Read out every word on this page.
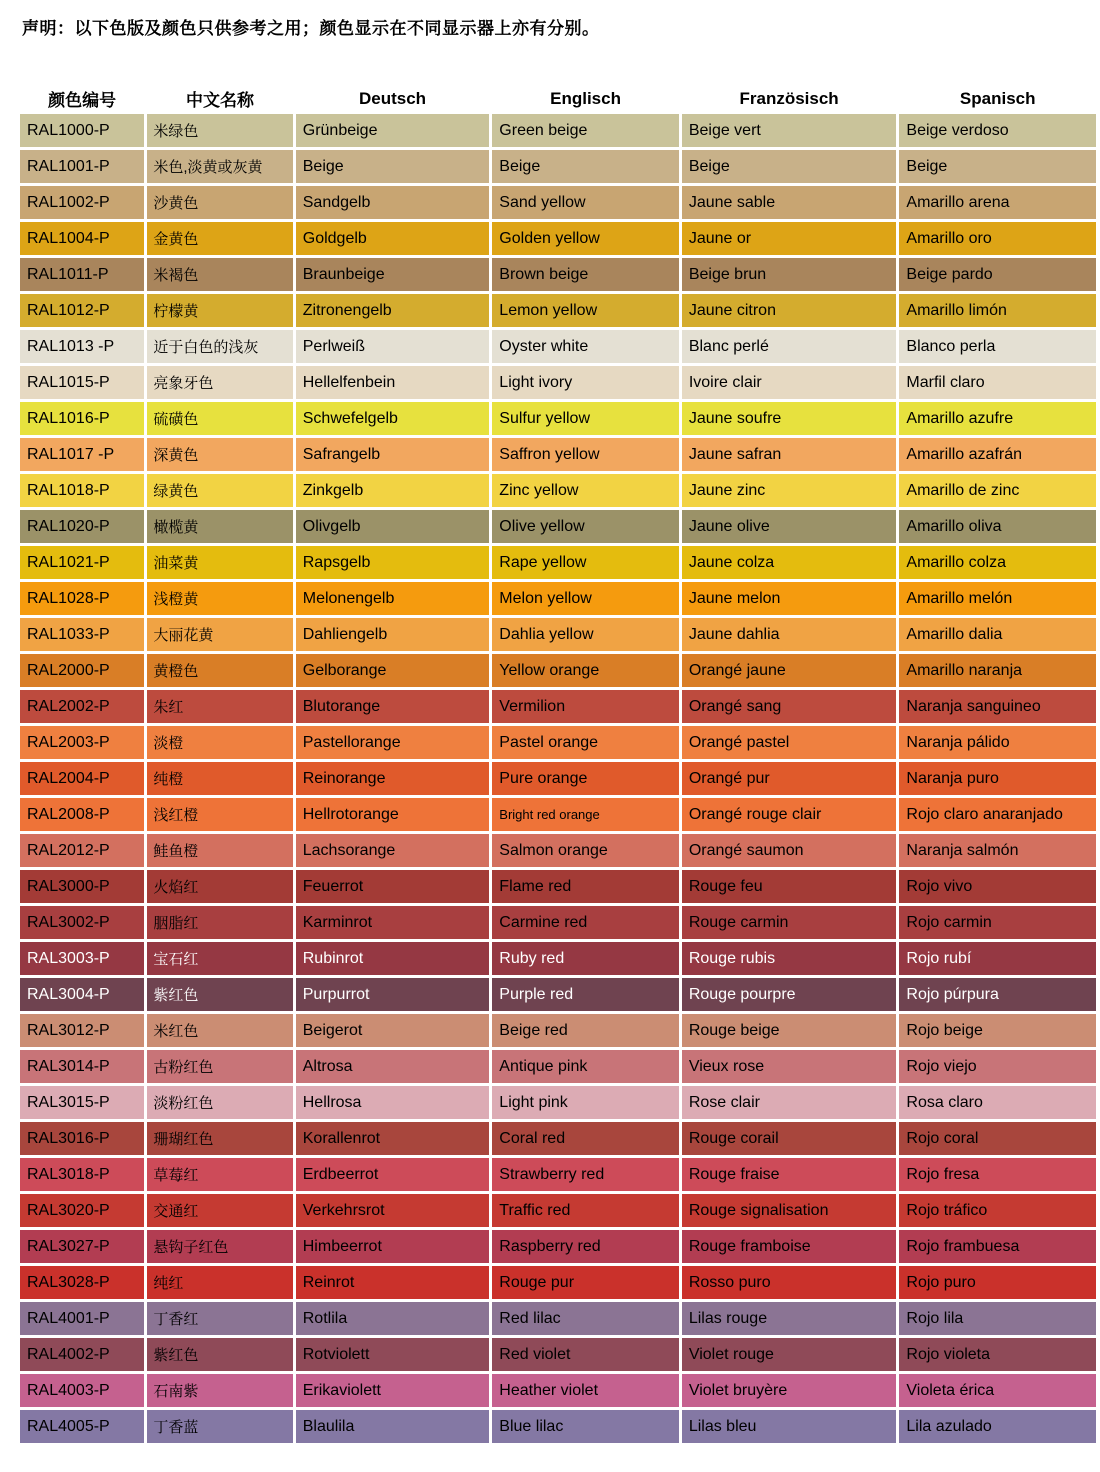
声明：以下色版及颜色只供参考之用；颜色显示在不同显示器上亦有分别。

颜色编号	中文名称	Deutsch	Englisch	Französisch	Spanisch
RAL1000-P	米绿色	Grünbeige	Green beige	Beige vert	Beige verdoso
RAL1001-P	米色,淡黄或灰黄	Beige	Beige	Beige	Beige
RAL1002-P	沙黄色	Sandgelb	Sand yellow	Jaune sable	Amarillo arena
RAL1004-P	金黄色	Goldgelb	Golden yellow	Jaune or	Amarillo oro
RAL1011-P	米褐色	Braunbeige	Brown beige	Beige brun	Beige pardo
RAL1012-P	柠檬黄	Zitronengelb	Lemon yellow	Jaune citron	Amarillo limón
RAL1013 -P	近于白色的浅灰	Perlweiß	Oyster white	Blanc perlé	Blanco perla
RAL1015-P	亮象牙色	Hellelfenbein	Light ivory	Ivoire clair	Marfil claro
RAL1016-P	硫磺色	Schwefelgelb	Sulfur yellow	Jaune soufre	Amarillo azufre
RAL1017 -P	深黄色	Safrangelb	Saffron yellow	Jaune safran	Amarillo azafrán
RAL1018-P	绿黄色	Zinkgelb	Zinc yellow	Jaune zinc	Amarillo de zinc
RAL1020-P	橄榄黄	Olivgelb	Olive yellow	Jaune olive	Amarillo oliva
RAL1021-P	油菜黄	Rapsgelb	Rape yellow	Jaune colza	Amarillo colza
RAL1028-P	浅橙黄	Melonengelb	Melon yellow	Jaune melon	Amarillo melón
RAL1033-P	大丽花黄	Dahliengelb	Dahlia yellow	Jaune dahlia	Amarillo dalia
RAL2000-P	黄橙色	Gelborange	Yellow orange	Orangé jaune	Amarillo naranja
RAL2002-P	朱红	Blutorange	Vermilion	Orangé sang	Naranja sanguineo
RAL2003-P	淡橙	Pastellorange	Pastel orange	Orangé pastel	Naranja pálido
RAL2004-P	纯橙	Reinorange	Pure orange	Orangé pur	Naranja puro
RAL2008-P	浅红橙	Hellrotorange	Bright red orange	Orangé rouge clair	Rojo claro anaranjado
RAL2012-P	鲑鱼橙	Lachsorange	Salmon orange	Orangé saumon	Naranja salmón
RAL3000-P	火焰红	Feuerrot	Flame red	Rouge feu	Rojo vivo
RAL3002-P	胭脂红	Karminrot	Carmine red	Rouge carmin	Rojo carmin
RAL3003-P	宝石红	Rubinrot	Ruby red	Rouge rubis	Rojo rubí
RAL3004-P	紫红色	Purpurrot	Purple red	Rouge pourpre	Rojo púrpura
RAL3012-P	米红色	Beigerot	Beige red	Rouge beige	Rojo beige
RAL3014-P	古粉红色	Altrosa	Antique pink	Vieux rose	Rojo viejo
RAL3015-P	淡粉红色	Hellrosa	Light pink	Rose clair	Rosa claro
RAL3016-P	珊瑚红色	Korallenrot	Coral red	Rouge corail	Rojo coral
RAL3018-P	草莓红	Erdbeerrot	Strawberry red	Rouge fraise	Rojo fresa
RAL3020-P	交通红	Verkehrsrot	Traffic red	Rouge signalisation	Rojo tráfico
RAL3027-P	悬钩子红色	Himbeerrot	Raspberry red	Rouge framboise	Rojo frambuesa
RAL3028-P	纯红	Reinrot	Rouge pur	Rosso puro	Rojo puro
RAL4001-P	丁香红	Rotlila	Red lilac	Lilas rouge	Rojo lila
RAL4002-P	紫红色	Rotviolett	Red violet	Violet rouge	Rojo violeta
RAL4003-P	石南紫	Erikaviolett	Heather violet	Violet bruyère	Violeta érica
RAL4005-P	丁香蓝	Blaulila	Blue lilac	Lilas bleu	Lila azulado
